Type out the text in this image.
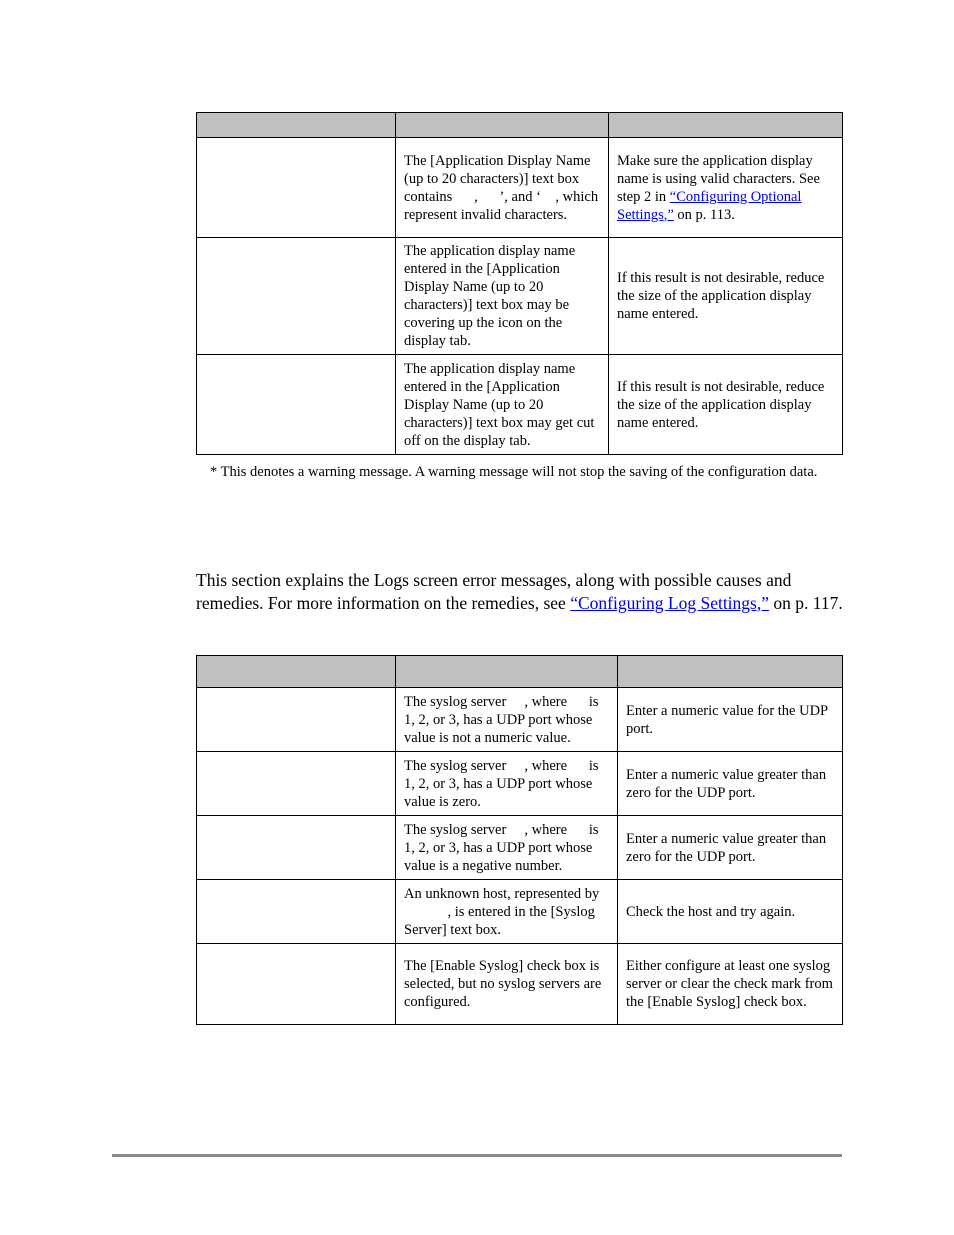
	The [Application Display Name (up to 20 characters)] text box contains   ,   ’, and ‘ , which represent invalid characters.	Make sure the application display name is using valid characters. See step 2 in “Configuring Optional Settings,” on p. 113.
	The application display name entered in the [Application Display Name (up to 20 characters)] text box may be covering up the icon on the display tab.	If this result is not desirable, reduce the size of the application display name entered.
	The application display name entered in the [Application Display Name (up to 20 characters)] text box may get cut off on the display tab.	If this result is not desirable, reduce the size of the application display name entered.
* This denotes a warning message. A warning message will not stop the saving of the configuration data.
This section explains the Logs screen error messages, along with possible causes and remedies. For more information on the remedies, see “Configuring Log Settings,” on p. 117.

	The syslog server  , where   is 1, 2, or 3, has a UDP port whose value is not a numeric value.	Enter a numeric value for the UDP port.
	The syslog server  , where   is 1, 2, or 3, has a UDP port whose value is zero.	Enter a numeric value greater than zero for the UDP port.
	The syslog server  , where   is 1, 2, or 3, has a UDP port whose value is a negative number.	Enter a numeric value greater than zero for the UDP port.
	An unknown host, represented by    , is entered in the [Syslog Server] text box.	Check the host and try again.
	The [Enable Syslog] check box is selected, but no syslog servers are configured.	Either configure at least one syslog server or clear the check mark from the [Enable Syslog] check box.
